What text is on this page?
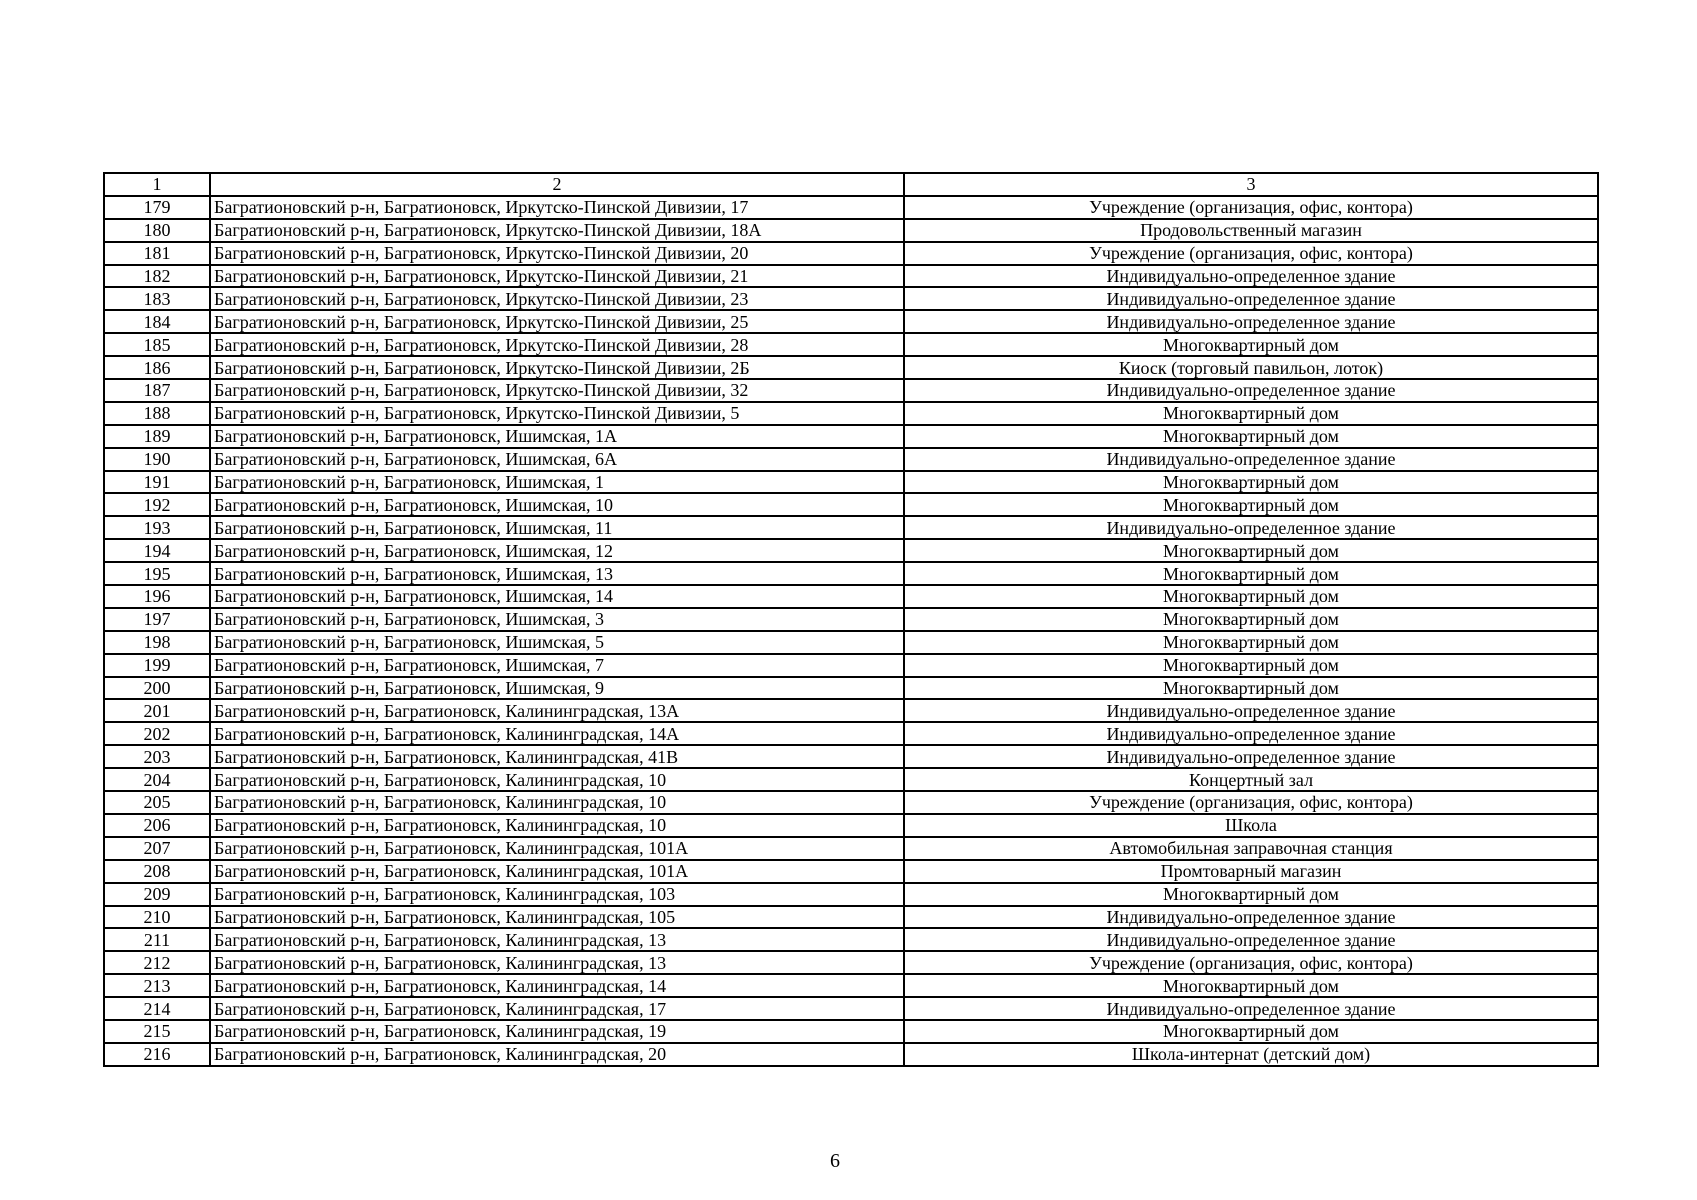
1	2	3
179	Багратионовский р-н, Багратионовск, Иркутско-Пинской Дивизии, 17	Учреждение (организация, офис, контора)
180	Багратионовский р-н, Багратионовск, Иркутско-Пинской Дивизии, 18А	Продовольственный магазин
181	Багратионовский р-н, Багратионовск, Иркутско-Пинской Дивизии, 20	Учреждение (организация, офис, контора)
182	Багратионовский р-н, Багратионовск, Иркутско-Пинской Дивизии, 21	Индивидуально-определенное здание
183	Багратионовский р-н, Багратионовск, Иркутско-Пинской Дивизии, 23	Индивидуально-определенное здание
184	Багратионовский р-н, Багратионовск, Иркутско-Пинской Дивизии, 25	Индивидуально-определенное здание
185	Багратионовский р-н, Багратионовск, Иркутско-Пинской Дивизии, 28	Многоквартирный дом
186	Багратионовский р-н, Багратионовск, Иркутско-Пинской Дивизии, 2Б	Киоск (торговый павильон, лоток)
187	Багратионовский р-н, Багратионовск, Иркутско-Пинской Дивизии, 32	Индивидуально-определенное здание
188	Багратионовский р-н, Багратионовск, Иркутско-Пинской Дивизии, 5	Многоквартирный дом
189	Багратионовский р-н, Багратионовск, Ишимская, 1А	Многоквартирный дом
190	Багратионовский р-н, Багратионовск, Ишимская, 6А	Индивидуально-определенное здание
191	Багратионовский р-н, Багратионовск, Ишимская, 1	Многоквартирный дом
192	Багратионовский р-н, Багратионовск, Ишимская, 10	Многоквартирный дом
193	Багратионовский р-н, Багратионовск, Ишимская, 11	Индивидуально-определенное здание
194	Багратионовский р-н, Багратионовск, Ишимская, 12	Многоквартирный дом
195	Багратионовский р-н, Багратионовск, Ишимская, 13	Многоквартирный дом
196	Багратионовский р-н, Багратионовск, Ишимская, 14	Многоквартирный дом
197	Багратионовский р-н, Багратионовск, Ишимская, 3	Многоквартирный дом
198	Багратионовский р-н, Багратионовск, Ишимская, 5	Многоквартирный дом
199	Багратионовский р-н, Багратионовск, Ишимская, 7	Многоквартирный дом
200	Багратионовский р-н, Багратионовск, Ишимская, 9	Многоквартирный дом
201	Багратионовский р-н, Багратионовск, Калининградская, 13А	Индивидуально-определенное здание
202	Багратионовский р-н, Багратионовск, Калининградская, 14А	Индивидуально-определенное здание
203	Багратионовский р-н, Багратионовск, Калининградская, 41В	Индивидуально-определенное здание
204	Багратионовский р-н, Багратионовск, Калининградская, 10	Концертный зал
205	Багратионовский р-н, Багратионовск, Калининградская, 10	Учреждение (организация, офис, контора)
206	Багратионовский р-н, Багратионовск, Калининградская, 10	Школа
207	Багратионовский р-н, Багратионовск, Калининградская, 101А	Автомобильная заправочная станция
208	Багратионовский р-н, Багратионовск, Калининградская, 101А	Промтоварный магазин
209	Багратионовский р-н, Багратионовск, Калининградская, 103	Многоквартирный дом
210	Багратионовский р-н, Багратионовск, Калининградская, 105	Индивидуально-определенное здание
211	Багратионовский р-н, Багратионовск, Калининградская, 13	Индивидуально-определенное здание
212	Багратионовский р-н, Багратионовск, Калининградская, 13	Учреждение (организация, офис, контора)
213	Багратионовский р-н, Багратионовск, Калининградская, 14	Многоквартирный дом
214	Багратионовский р-н, Багратионовск, Калининградская, 17	Индивидуально-определенное здание
215	Багратионовский р-н, Багратионовск, Калининградская, 19	Многоквартирный дом
216	Багратионовский р-н, Багратионовск, Калининградская, 20	Школа-интернат (детский дом)
6
